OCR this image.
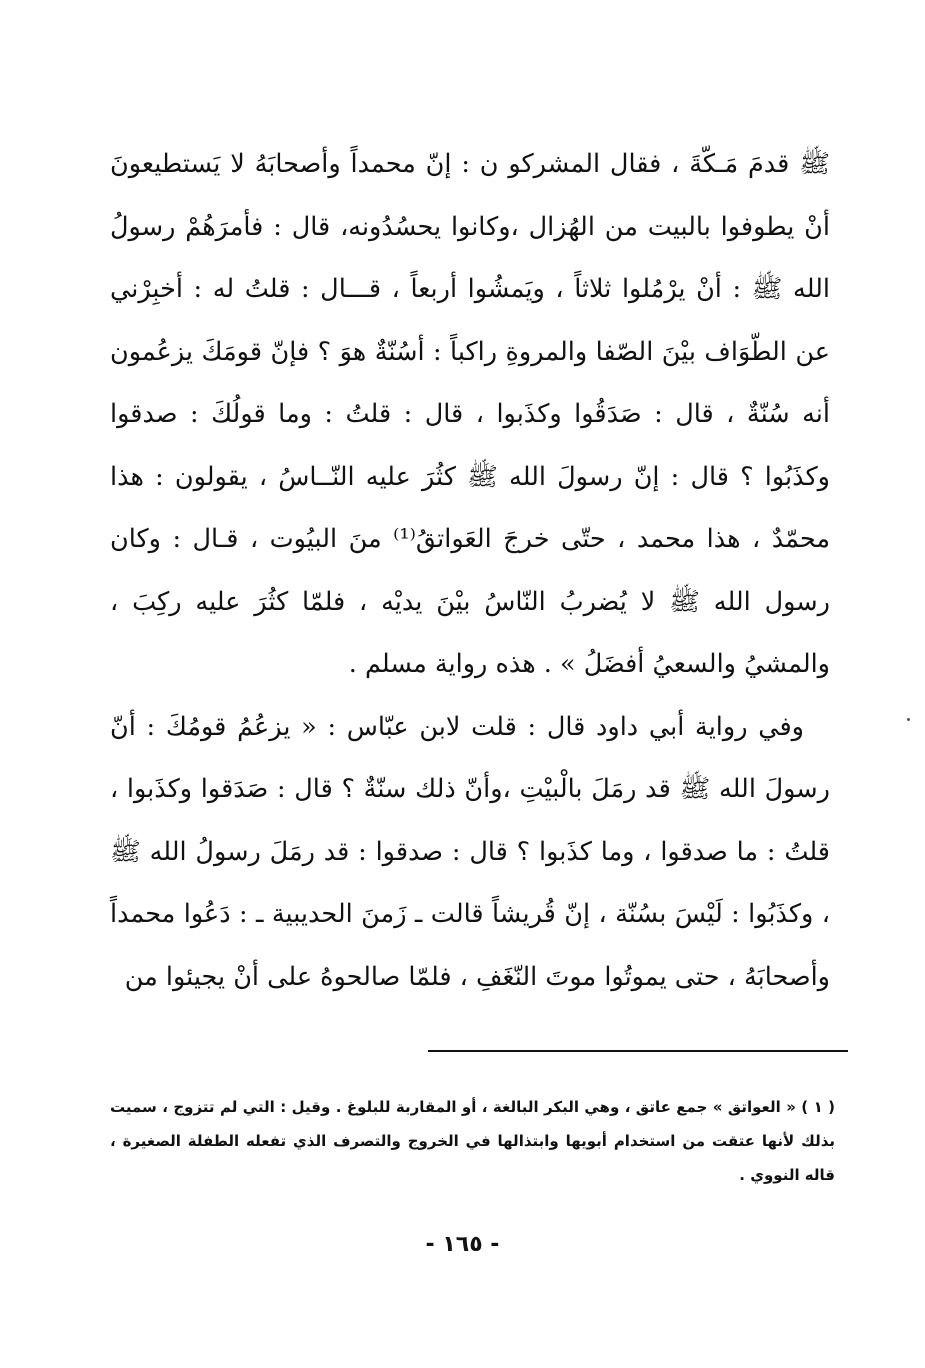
ﷺ قدمَ مَـكّةَ ، فقال المشركو ن : إنّ محمداً وأصحابَهُ لا يَستطيعونَ أنْ يطوفوا بالبيت من الهُزال ،وكانوا يحسُدُونه، قال : فأمرَهُمْ رسولُ الله ﷺ : أنْ يرْمُلوا ثلاثاً ، ويَمشُوا أربعاً ، قـــال : قلتُ له : أخبِرْني عن الطّوَاف بيْنَ الصّفا والمروةِ راكباً : أسُنّةٌ هوَ ؟ فإنّ قومَكَ يزعُمون أنه سُنّةٌ ، قال : صَدَقُوا وكذَبوا ، قال : قلتُ : وما قولُكَ : صدقوا وكذَبُوا ؟ قال : إنّ رسولَ الله ﷺ كثُرَ عليه النّــاسُ ، يقولون : هذا محمّدٌ ، هذا محمد ، حتّى خرجَ العَواتقُ⁽¹⁾ منَ البيُوت ، قـال : وكان رسول الله ﷺ لا يُضربُ النّاسُ بيْنَ يديْه ، فلمّا كثُرَ عليه ركِبَ ، والمشيُ والسعيُ أفضَلُ » . هذه رواية مسلم .

وفي رواية أبي داود قال : قلت لابن عبّاس : « يزعُمُ قومُكَ : أنّ رسولَ الله ﷺ قد رمَلَ بالْبيْتِ ،وأنّ ذلك سنّةٌ ؟ قال : صَدَقوا وكذَبوا ، قلتُ : ما صدقوا ، وما كذَبوا ؟ قال : صدقوا : قد رمَلَ رسولُ الله ﷺ ، وكذَبُوا : لَيْسَ بسُنّة ، إنّ قُريشاً قالت ـ زَمنَ الحديبية ـ : دَعُوا محمداً وأصحابَهُ ، حتى يموتُوا موتَ النّغَفِ ، فلمّا صالحوهُ على أنْ يجيئوا من

( ١ ) « العواتق » جمع عاتق ، وهي البكر البالغة ، أو المقاربة للبلوغ . وقيل : التي لم تتزوج ، سميت بذلك لأنها عتقت من استخدام أبويها وابتذالها في الخروج والتصرف الذي تفعله الطفلة الصغيرة ، قاله النووي .

- ١٦٥ -
